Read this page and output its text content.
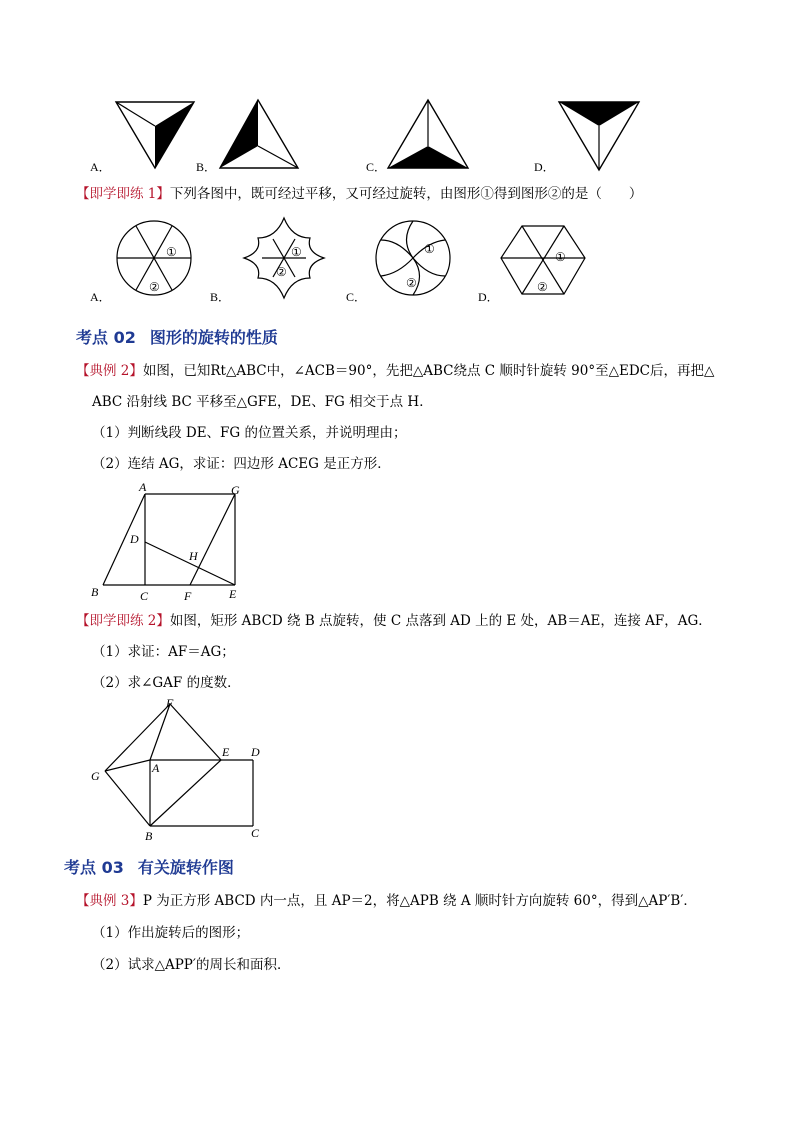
A．	B．	C．	D．
【即学即练 1】下列各图中，既可经过平移，又可经过旋转，由图形①得到图形②的是（　　）
①
②
①
②
①
②
①
②
A．	B．	C．	D．
考点 02 图形的旋转的性质
【典例 2】如图，已知Rt△ABC中，∠ACB＝90°，先把△ABC绕点 C 顺时针旋转 90°至△EDC后，再把△
ABC 沿射线 BC 平移至△GFE，DE、FG 相交于点 H．
（1）判断线段 DE、FG 的位置关系，并说明理由；
（2）连结 AG，求证：四边形 ACEG 是正方形．
A	G
D
H
B	C	F	E
【即学即练 2】如图，矩形 ABCD 绕 B 点旋转，使 C 点落到 AD 上的 E 处，AB＝AE，连接 AF，AG．
（1）求证：AF＝AG；
（2）求∠GAF 的度数．
F
E D
G
A
B	C
考点 03 有关旋转作图
【典例 3】P 为正方形 ABCD 内一点，且 AP＝2，将△APB 绕 A 顺时针方向旋转 60°，得到△AP′B′．
（1）作出旋转后的图形；
（2）试求△APP′的周长和面积．
